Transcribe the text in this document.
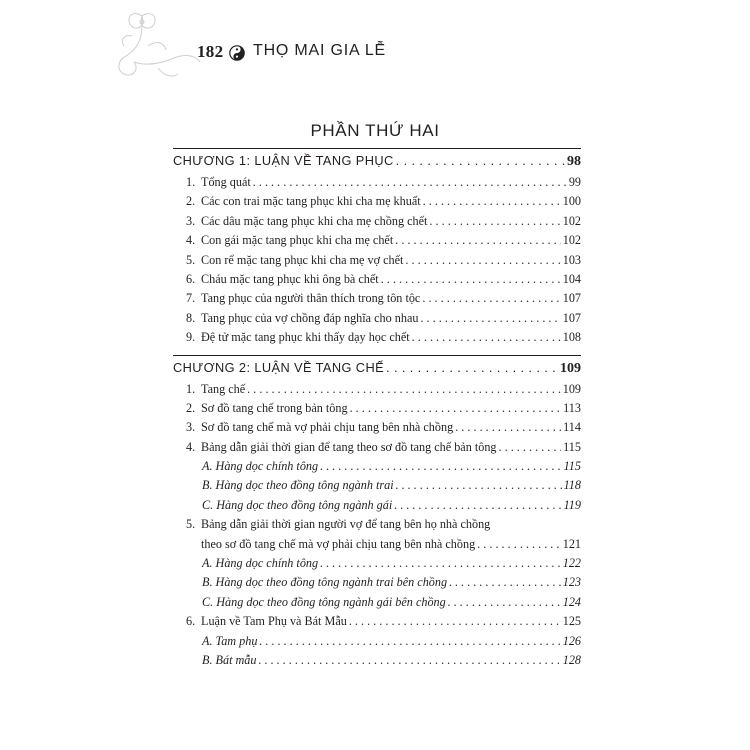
182 THỌ MAI GIA LỄ
PHẦN THỨ HAI
CHƯƠNG 1: LUẬN VỀ TANG PHỤC . . .	98
1. Tổng quát . . .	99
2. Các con trai mặc tang phục khi cha mẹ khuất . . .	100
3. Các dâu mặc tang phục khi cha mẹ chồng chết . . .	102
4. Con gái mặc tang phục khi cha mẹ chết . . .	102
5. Con rể mặc tang phục khi cha mẹ vợ chết . . .	103
6. Cháu mặc tang phục khi ông bà chết . . .	104
7. Tang phục của người thân thích trong tôn tộc . . .	107
8. Tang phục của vợ chồng đáp nghĩa cho nhau . . .	107
9. Đệ tử mặc tang phục khi thấy dạy học chết . . .	108
CHƯƠNG 2: LUẬN VỀ TANG CHẾ . . .	109
1. Tang chế . . .	109
2. Sơ đồ tang chế trong bản tông . . .	113
3. Sơ đồ tang chế mà vợ phải chịu tang bên nhà chồng . . .	114
4. Bảng dẫn giải thời gian để tang theo sơ đồ tang chế bản tông . . .	115
A. Hàng dọc chính tông . . .	115
B. Hàng dọc theo đồng tông ngành trai . . .	118
C. Hàng dọc theo đồng tông ngành gái . . .	119
5. Bảng dẫn giải thời gian người vợ để tang bên họ nhà chồng
theo sơ đồ tang chế mà vợ phải chịu tang bên nhà chồng . . .	121
A. Hàng dọc chính tông . . .	122
B. Hàng dọc theo đồng tông ngành trai bên chồng . . .	123
C. Hàng dọc theo đồng tông ngành gái bên chồng . . .	124
6. Luận về Tam Phụ và Bát Mẫu . . .	125
A. Tam phụ . . .	126
B. Bát mẫu . . .	128
